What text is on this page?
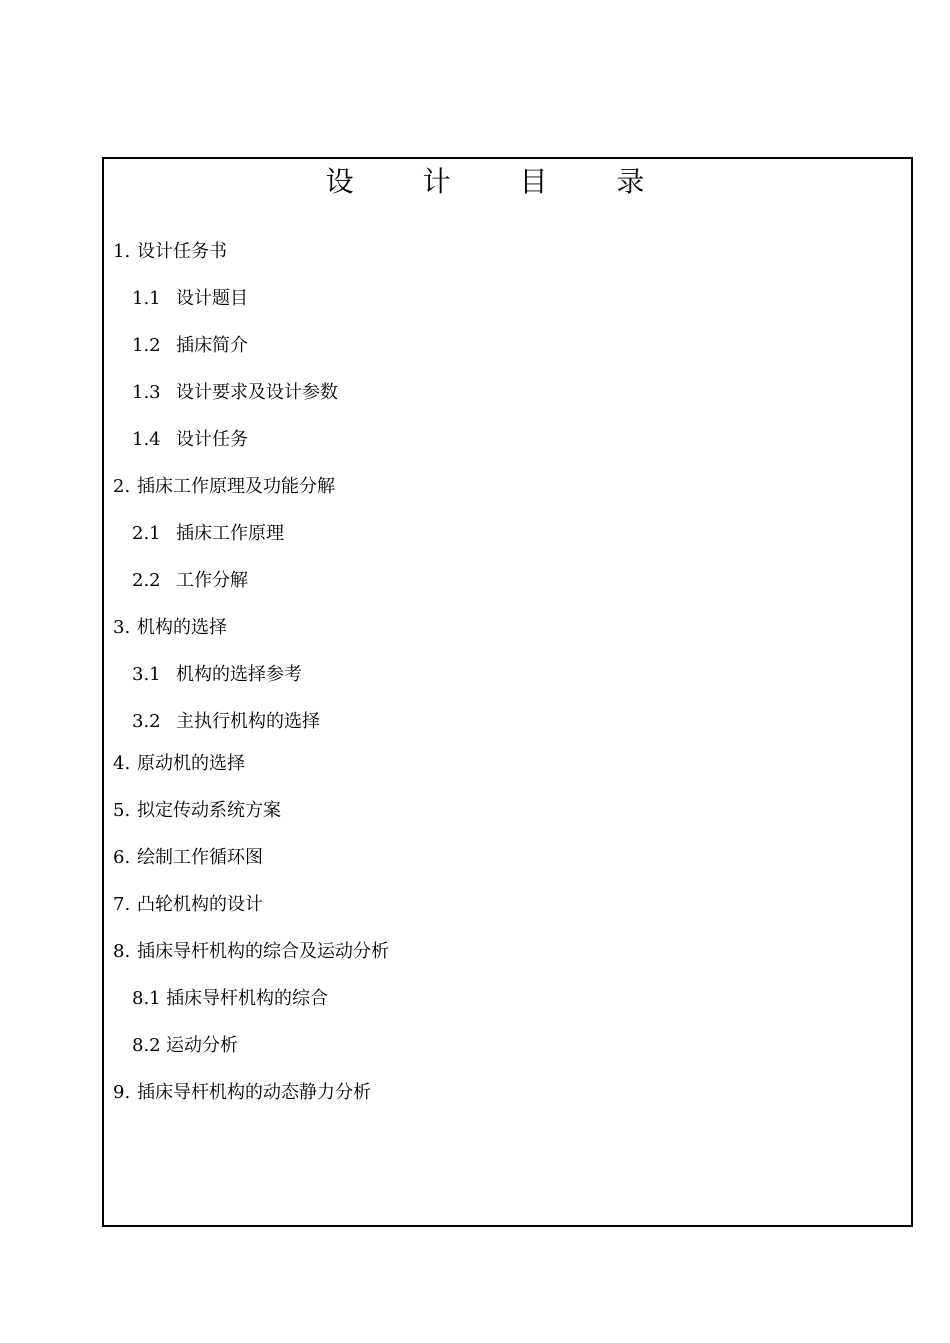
设 计 目 录
1. 设计任务书
1.1 设计题目
1.2 插床简介
1.3 设计要求及设计参数
1.4 设计任务
2. 插床工作原理及功能分解
2.1 插床工作原理
2.2 工作分解
3. 机构的选择
3.1 机构的选择参考
3.2 主执行机构的选择
4. 原动机的选择
5. 拟定传动系统方案
6. 绘制工作循环图
7. 凸轮机构的设计
8. 插床导杆机构的综合及运动分析
8.1 插床导杆机构的综合
8.2 运动分析
9. 插床导杆机构的动态静力分析
